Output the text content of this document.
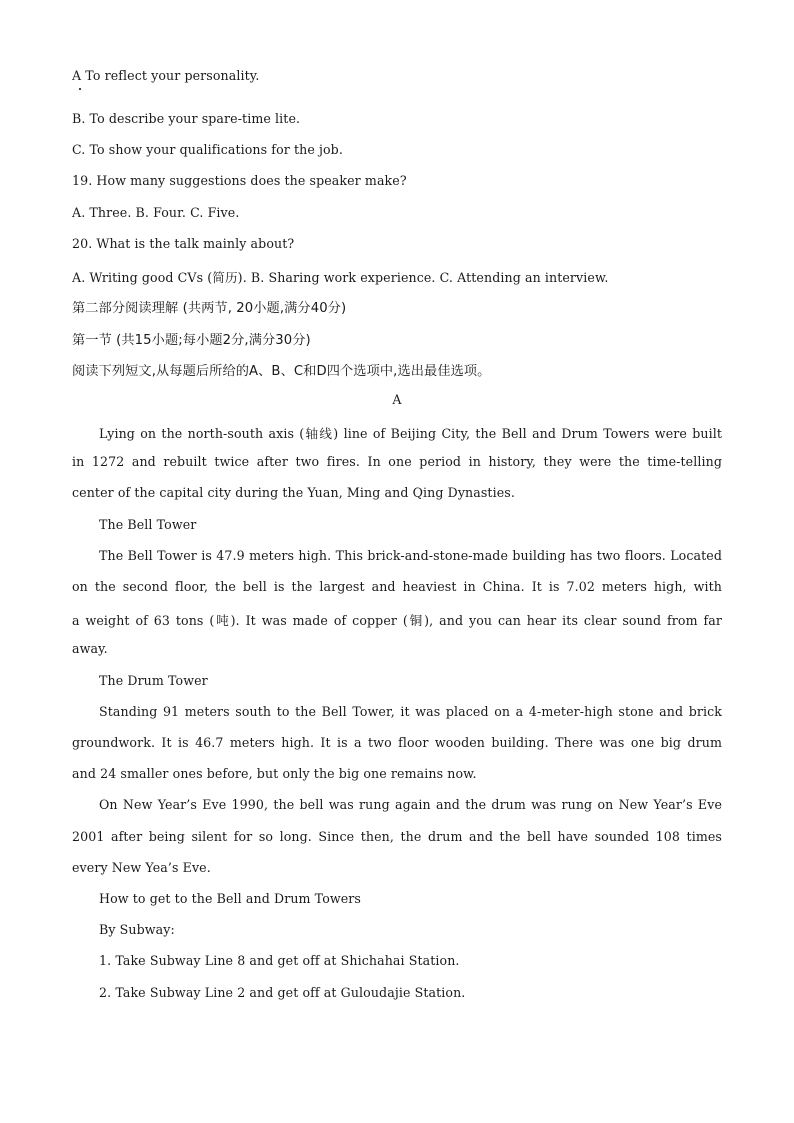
A To reflect your personality.
B. To describe your spare-time lite.
C. To show your qualifications for the job.
19. How many suggestions does the speaker make?
A. Three. B. Four. C. Five.
20. What is the talk mainly about?
A. Writing good CVs (简历). B. Sharing work experience. C. Attending an interview.
第二部分阅读理解 (共两节, 20小题,满分40分)
第一节 (共15小题;每小题2分,满分30分)
阅读下列短文,从每题后所给的A、B、C和D四个选项中,选出最佳选项。
A
Lying on the north-south axis (轴线) line of Beijing City, the Bell and Drum Towers were built
in 1272 and rebuilt twice after two fires. In one period in history, they were the time-telling
center of the capital city during the Yuan, Ming and Qing Dynasties.
The Bell Tower
The Bell Tower is 47.9 meters high. This brick-and-stone-made building has two floors. Located
on the second floor, the bell is the largest and heaviest in China. It is 7.02 meters high, with
a weight of 63 tons (吨). It was made of copper (铜), and you can hear its clear sound from far
away.
The Drum Tower
Standing 91 meters south to the Bell Tower, it was placed on a 4-meter-high stone and brick
groundwork. It is 46.7 meters high. It is a two floor wooden building. There was one big drum
and 24 smaller ones before, but only the big one remains now.
On New Year’s Eve 1990, the bell was rung again and the drum was rung on New Year’s Eve
2001 after being silent for so long. Since then, the drum and the bell have sounded 108 times
every New Yea’s Eve.
How to get to the Bell and Drum Towers
By Subway:
1. Take Subway Line 8 and get off at Shichahai Station.
2. Take Subway Line 2 and get off at Guloudajie Station.
